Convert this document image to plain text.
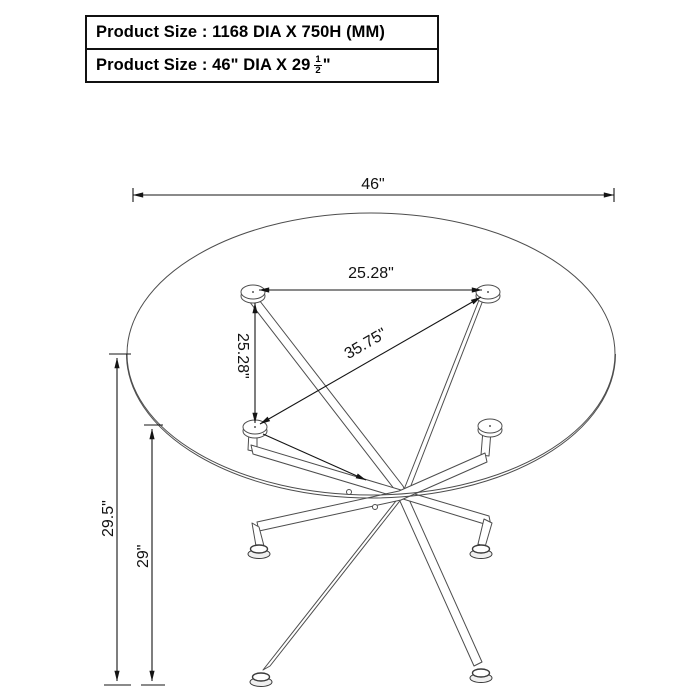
Product Size : 1168 DIA X 750H (MM)
Product Size : 46" DIA X $29 \frac{1}{2}$ "
46"
25.28"
25.28"	35.75"
29.5"
29"
